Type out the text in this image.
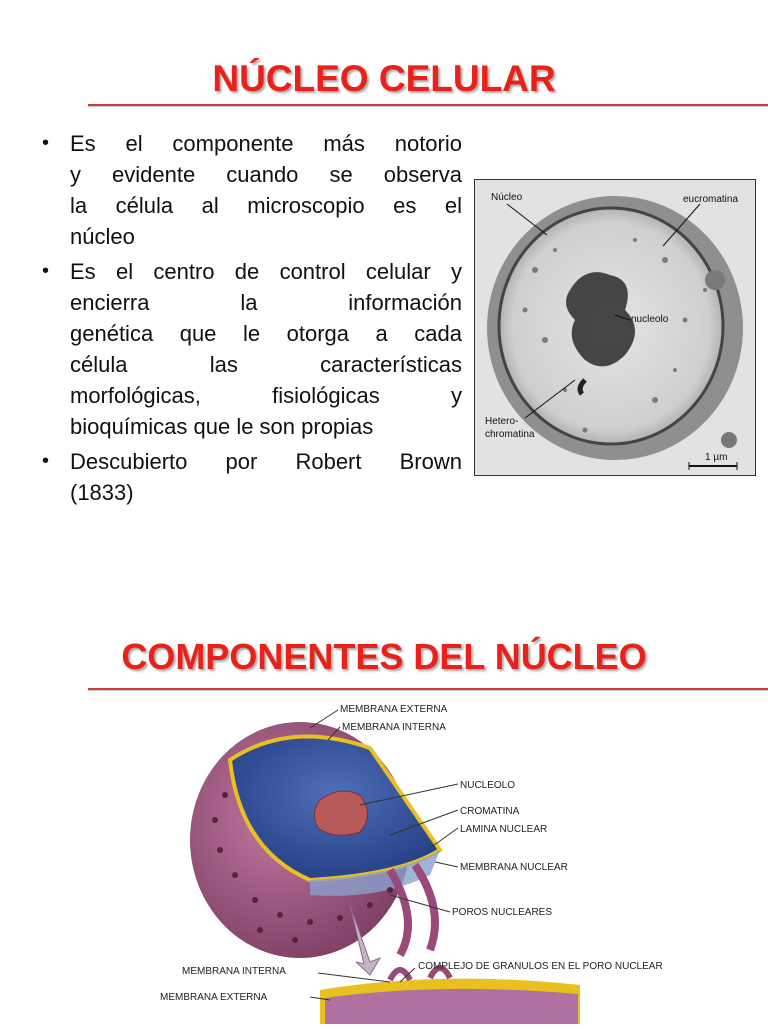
NÚCLEO CELULAR
• Es el componente más notorio
y evidente cuando se observa
la célula al microscopio es el
núcleo
• Es el centro de control celular y
encierra la información
genética que le otorga a cada
célula las características
morfológicas, fisiológicas y
bioquímicas que le son propias
• Descubierto por Robert Brown
(1833)
Núcleo	eucromatina
nucleolo
Hetero-
chromatina
1 µm
COMPONENTES DEL NÚCLEO
MEMBRANA EXTERNA
MEMBRANA INTERNA
NUCLEOLO
CROMATINA
LAMINA NUCLEAR
MEMBRANA NUCLEAR
POROS NUCLEARES
COMPLEJO DE GRANULOS EN EL PORO NUCLEAR
MEMBRANA INTERNA
MEMBRANA EXTERNA
